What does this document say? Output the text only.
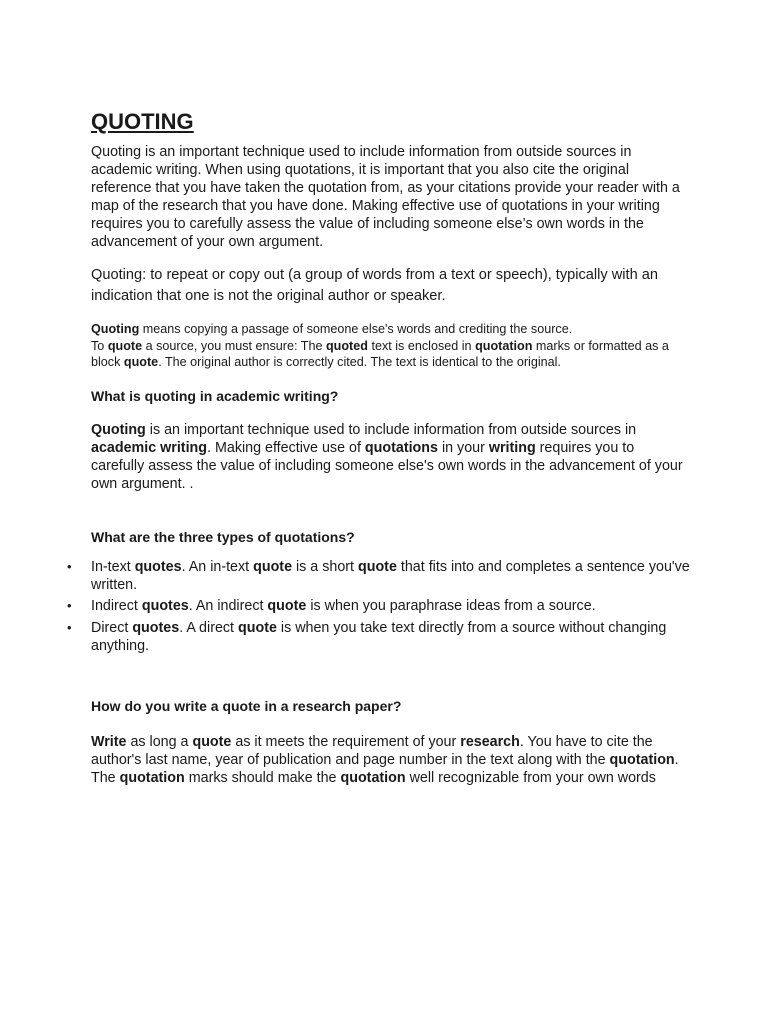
QUOTING

Quoting is an important technique used to include information from outside sources in academic writing. When using quotations, it is important that you also cite the original reference that you have taken the quotation from, as your citations provide your reader with a map of the research that you have done. Making effective use of quotations in your writing requires you to carefully assess the value of including someone else’s own words in the advancement of your own argument.

Quoting: to repeat or copy out (a group of words from a text or speech), typically with an indication that one is not the original author or speaker.

Quoting means copying a passage of someone else's words and crediting the source.
To quote a source, you must ensure: The quoted text is enclosed in quotation marks or formatted as a block quote. The original author is correctly cited. The text is identical to the original.

What is quoting in academic writing?

Quoting is an important technique used to include information from outside sources in academic writing. Making effective use of quotations in your writing requires you to carefully assess the value of including someone else's own words in the advancement of your own argument. .

What are the three types of quotations?

• In-text quotes. An in-text quote is a short quote that fits into and completes a sentence you've written.
• Indirect quotes. An indirect quote is when you paraphrase ideas from a source.
• Direct quotes. A direct quote is when you take text directly from a source without changing anything.

How do you write a quote in a research paper?

Write as long a quote as it meets the requirement of your research. You have to cite the author's last name, year of publication and page number in the text along with the quotation. The quotation marks should make the quotation well recognizable from your own words
